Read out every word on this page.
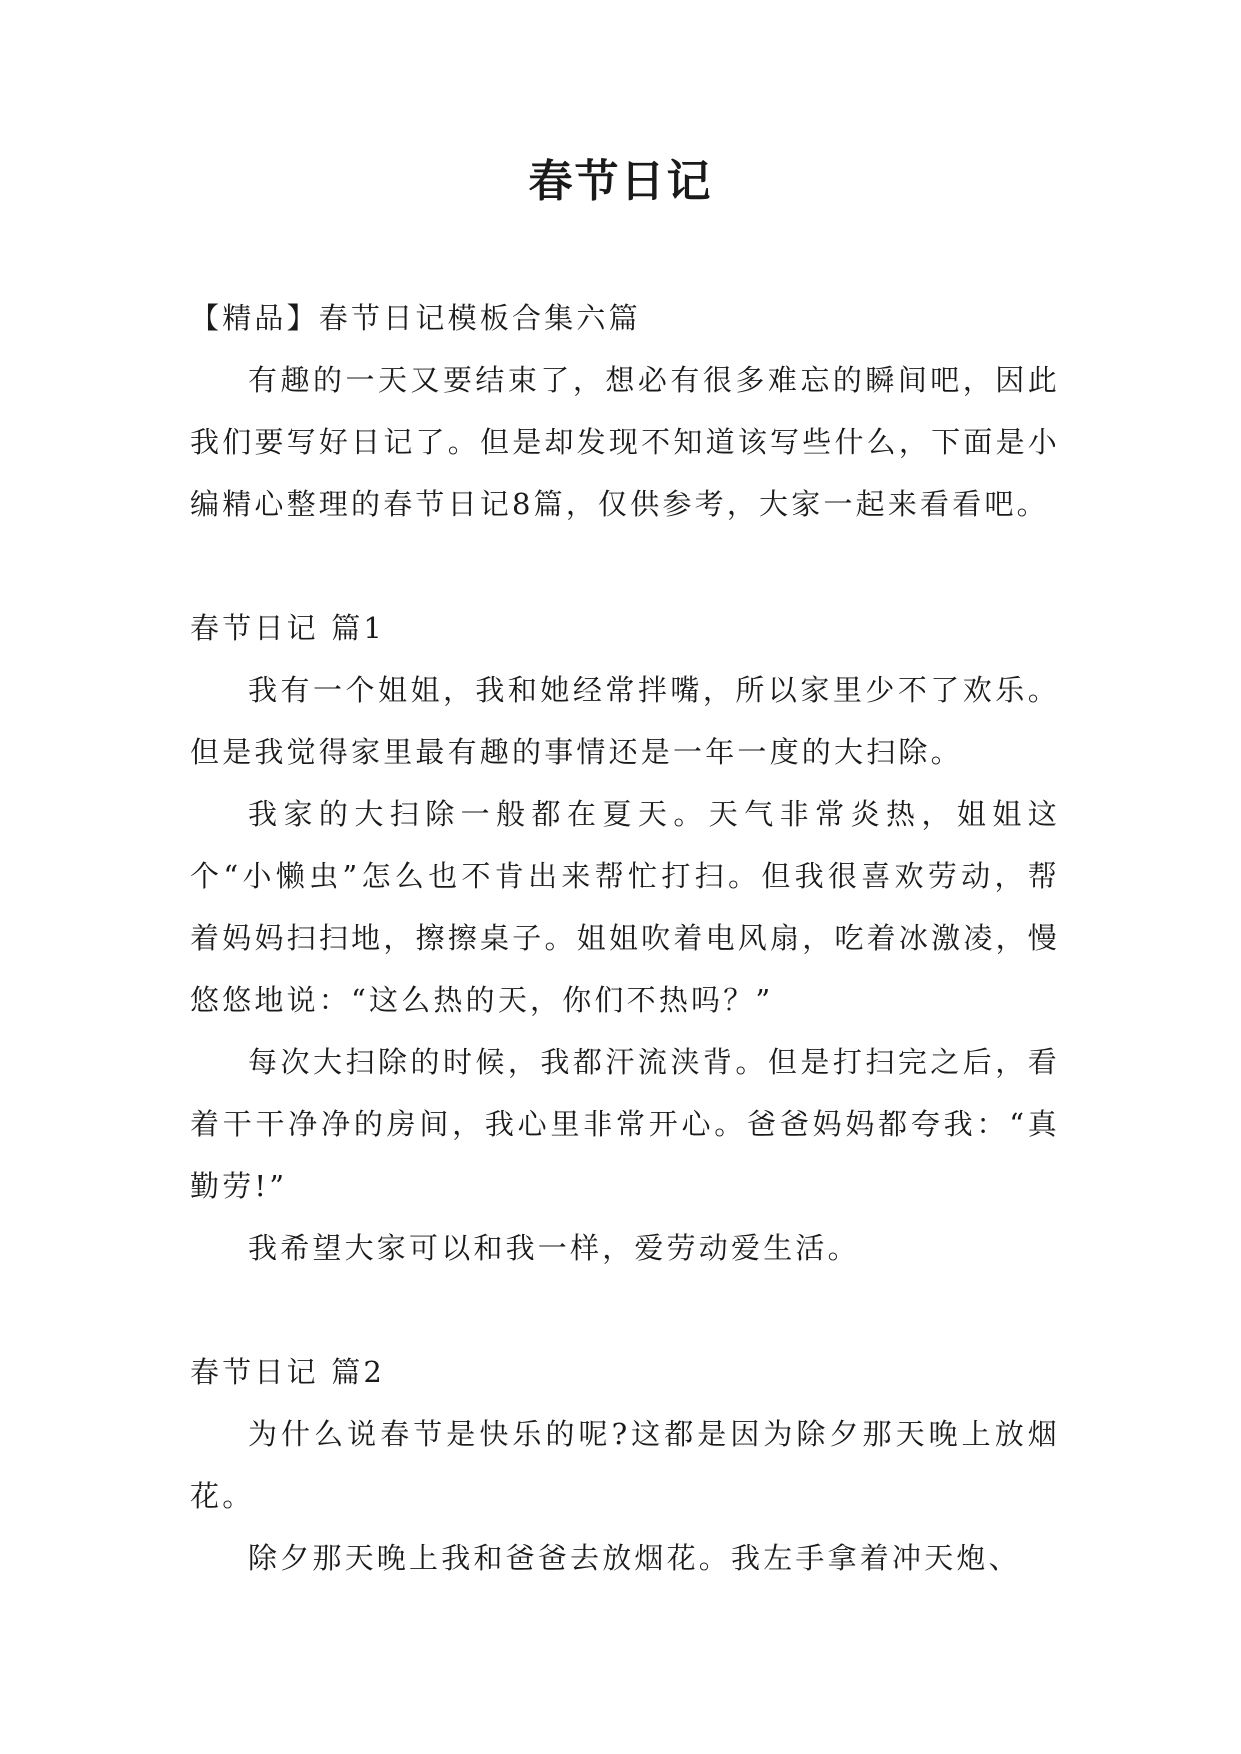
春节日记

【精品】春节日记模板合集六篇

有趣的一天又要结束了，想必有很多难忘的瞬间吧，因此我们要写好日记了。但是却发现不知道该写些什么，下面是小编精心整理的春节日记8篇，仅供参考，大家一起来看看吧。

春节日记 篇1

我有一个姐姐，我和她经常拌嘴，所以家里少不了欢乐。但是我觉得家里最有趣的事情还是一年一度的大扫除。

我家的大扫除一般都在夏天。天气非常炎热，姐姐这个“小懒虫”怎么也不肯出来帮忙打扫。但我很喜欢劳动，帮着妈妈扫扫地，擦擦桌子。姐姐吹着电风扇，吃着冰激凌，慢悠悠地说：“这么热的天，你们不热吗？”

每次大扫除的时候，我都汗流浃背。但是打扫完之后，看着干干净净的房间，我心里非常开心。爸爸妈妈都夸我：“真勤劳!”

我希望大家可以和我一样，爱劳动爱生活。

春节日记 篇2

为什么说春节是快乐的呢?这都是因为除夕那天晚上放烟花。

除夕那天晚上我和爸爸去放烟花。我左手拿着冲天炮、
